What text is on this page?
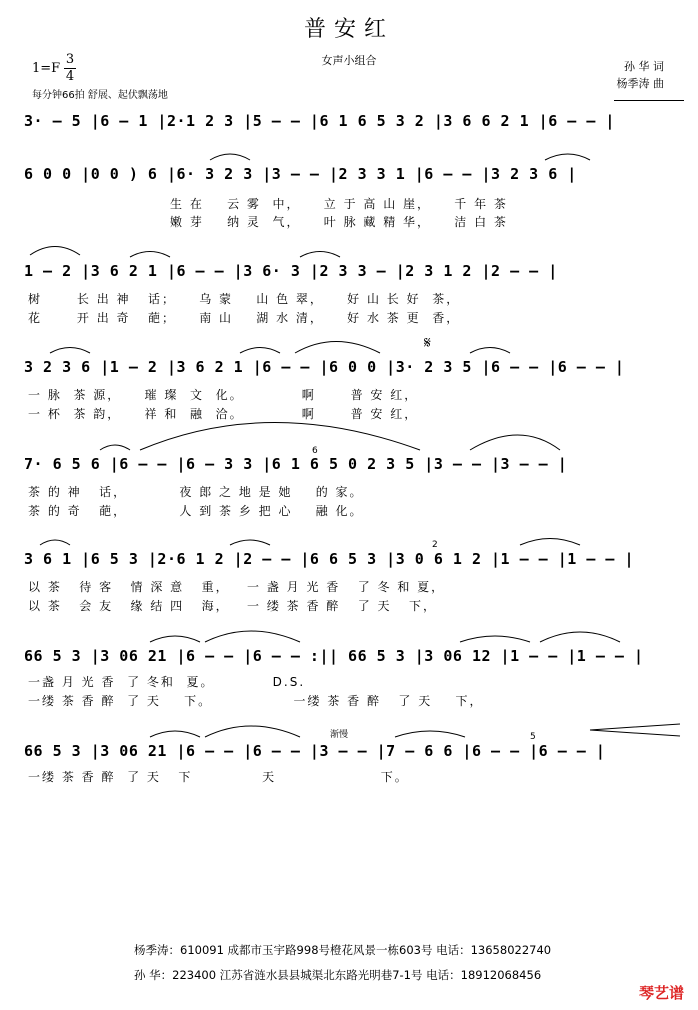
普安红
女声小组合
1=F
3
4
每分钟66拍 舒展、起伏飘荡地
孙 华 词
杨季涛 曲
3· – 5 |6 – 1 |2·1 2 3 |5 – – |6 1 6 5 3 2 |3 6 6 2 1 |6 – – |
6 0 0 |0 0 ) 6 |6· 3 2 3 |3 – – |2 3 3 1 |6 – – |3 2 3 6 |
生 在    云 雾  中，    立 于 高 山 崖，    千 年 茶
嫩 芽    纳 灵  气，    叶 脉 藏 精 华，    洁 白 茶
1 – 2 |3 6 2 1 |6 – – |3 6· 3 |2 3 3 – |2 3 1 2 |2 – – |
树      长 出 神   话；    乌 蒙    山 色 翠，    好 山 长 好  茶，
花      开 出 奇   葩；    南 山    湖 水 清，    好 水 茶 更  香，
3 2 3 6 |1 – 2 |3 6 2 1 |6 – – |6 0 0 |3· 2 3 5 |6 – – |6 – – |
一 脉  茶 源，    璀 璨  文  化。          啊      普 安 红，
一 杯  茶 韵，    祥 和  融  洽。          啊      普 安 红，
7· 6 5 6 |6 – – |6 – 3 3 |6 1 6 5 0 2 3 5 |3 – – |3 – – |
茶 的 神   话，         夜 郎 之 地 是 她    的 家。
茶 的 奇   葩，         人 到 茶 乡 把 心    融 化。
3 6 1 |6 5 3 |2·6 1 2 |2 – – |6 6 5 3 |3 0 6 1 2 |1 – – |1 – – |
以 茶   待 客   情 深 意   重，   一 盏 月 光 香   了 冬 和 夏，
以 茶   会 友   缘 结 四   海，   一 缕 茶 香 醉   了 天   下，
66 5 3 |3 06 21 |6 – – |6 – – :|| 66 5 3 |3 06 12 |1 – – |1 – – |
一盏 月 光 香  了 冬和  夏。          D.S.
一缕 茶 香 醉  了 天    下。              一缕 茶 香 醉   了 天    下，
66 5 3 |3 06 21 |6 – – |6 – – |3 – – |7 – 6 6 |6 – – |6 – – |
一缕 茶 香 醉  了 天   下            天                  下。
𝄋
渐慢
6
2
5
杨季涛：610091 成都市玉宇路998号橙花风景一栋603号 电话：13658022740
孙 华：223400 江苏省涟水县县城渠北东路光明巷7-1号 电话：18912068456
琴艺谱
